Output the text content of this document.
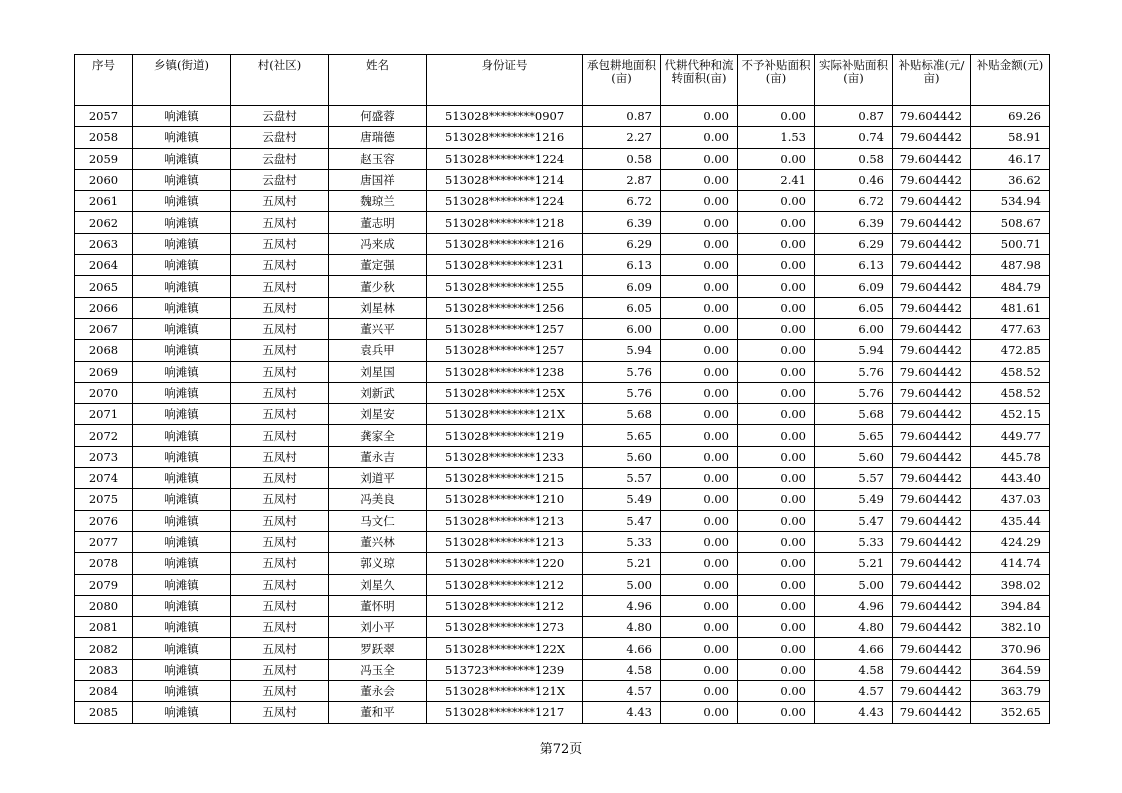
序号	乡镇(街道)	村(社区)	姓名	身份证号	承包耕地面积(亩)	代耕代种和流转面积(亩)	不予补贴面积(亩)	实际补贴面积(亩)	补贴标准(元/亩)	补贴金额(元)
2057	响滩镇	云盘村	何盛蓉	513028********0907	0.87	0.00	0.00	0.87	79.604442	69.26
2058	响滩镇	云盘村	唐瑞德	513028********1216	2.27	0.00	1.53	0.74	79.604442	58.91
2059	响滩镇	云盘村	赵玉容	513028********1224	0.58	0.00	0.00	0.58	79.604442	46.17
2060	响滩镇	云盘村	唐国祥	513028********1214	2.87	0.00	2.41	0.46	79.604442	36.62
2061	响滩镇	五凤村	魏琼兰	513028********1224	6.72	0.00	0.00	6.72	79.604442	534.94
2062	响滩镇	五凤村	董志明	513028********1218	6.39	0.00	0.00	6.39	79.604442	508.67
2063	响滩镇	五凤村	冯来成	513028********1216	6.29	0.00	0.00	6.29	79.604442	500.71
2064	响滩镇	五凤村	董定强	513028********1231	6.13	0.00	0.00	6.13	79.604442	487.98
2065	响滩镇	五凤村	董少秋	513028********1255	6.09	0.00	0.00	6.09	79.604442	484.79
2066	响滩镇	五凤村	刘星林	513028********1256	6.05	0.00	0.00	6.05	79.604442	481.61
2067	响滩镇	五凤村	董兴平	513028********1257	6.00	0.00	0.00	6.00	79.604442	477.63
2068	响滩镇	五凤村	袁兵甲	513028********1257	5.94	0.00	0.00	5.94	79.604442	472.85
2069	响滩镇	五凤村	刘星国	513028********1238	5.76	0.00	0.00	5.76	79.604442	458.52
2070	响滩镇	五凤村	刘新武	513028********125X	5.76	0.00	0.00	5.76	79.604442	458.52
2071	响滩镇	五凤村	刘星安	513028********121X	5.68	0.00	0.00	5.68	79.604442	452.15
2072	响滩镇	五凤村	龚家全	513028********1219	5.65	0.00	0.00	5.65	79.604442	449.77
2073	响滩镇	五凤村	董永吉	513028********1233	5.60	0.00	0.00	5.60	79.604442	445.78
2074	响滩镇	五凤村	刘道平	513028********1215	5.57	0.00	0.00	5.57	79.604442	443.40
2075	响滩镇	五凤村	冯美良	513028********1210	5.49	0.00	0.00	5.49	79.604442	437.03
2076	响滩镇	五凤村	马文仁	513028********1213	5.47	0.00	0.00	5.47	79.604442	435.44
2077	响滩镇	五凤村	董兴林	513028********1213	5.33	0.00	0.00	5.33	79.604442	424.29
2078	响滩镇	五凤村	郭义琼	513028********1220	5.21	0.00	0.00	5.21	79.604442	414.74
2079	响滩镇	五凤村	刘星久	513028********1212	5.00	0.00	0.00	5.00	79.604442	398.02
2080	响滩镇	五凤村	董怀明	513028********1212	4.96	0.00	0.00	4.96	79.604442	394.84
2081	响滩镇	五凤村	刘小平	513028********1273	4.80	0.00	0.00	4.80	79.604442	382.10
2082	响滩镇	五凤村	罗跃翠	513028********122X	4.66	0.00	0.00	4.66	79.604442	370.96
2083	响滩镇	五凤村	冯玉全	513723********1239	4.58	0.00	0.00	4.58	79.604442	364.59
2084	响滩镇	五凤村	董永会	513028********121X	4.57	0.00	0.00	4.57	79.604442	363.79
2085	响滩镇	五凤村	董和平	513028********1217	4.43	0.00	0.00	4.43	79.604442	352.65
第72页
